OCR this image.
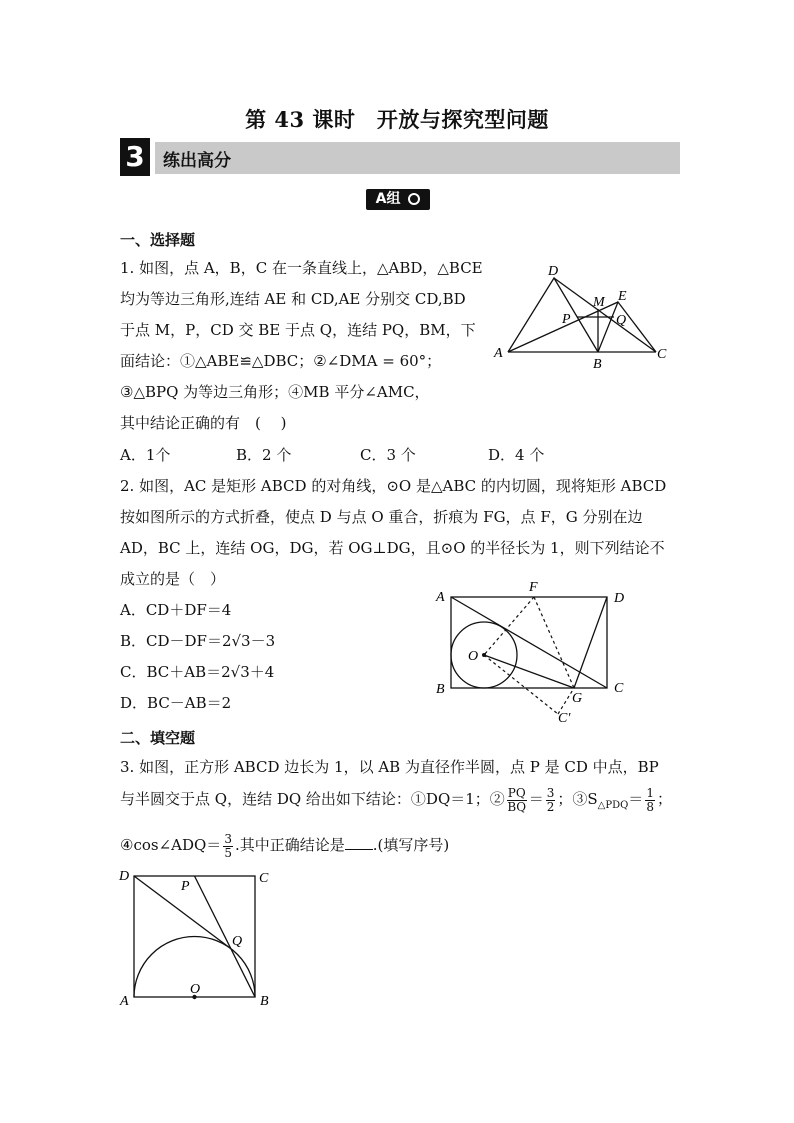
第 43 课时　开放与探究型问题
3	练出高分
A组
一、选择题
1. 如图，点 A，B，C 在一条直线上，△ABD，△BCE
均为等边三角形,连结 AE 和 CD,AE 分别交 CD,BD
于点 M，P，CD 交 BE 于点 Q，连结 PQ，BM，下
面结论：①△ABE≌△DBC；②∠DMA = 60°；
③△BPQ 为等边三角形；④MB 平分∠AMC，
其中结论正确的有　(　 )
A．1个	B．2 个	C．3 个	D．4 个
D
M E
P	Q
A
B
C
2. 如图，AC 是矩形 ABCD 的对角线，⊙O 是△ABC 的内切圆，现将矩形 ABCD
按如图所示的方式折叠，使点 D 与点 O 重合，折痕为 FG，点 F，G 分别在边
AD，BC 上，连结 OG，DG，若 OG⊥DG，且⊙O 的半径长为 1，则下列结论不
成立的是（　）
A．CD＋DF＝4
B．CD－DF＝2√3－3
C．BC＋AB＝2√3＋4
D．BC－AB＝2
F
A	D
O
B
G
C
C′
二、填空题
3. 如图，正方形 ABCD 边长为 1，以 AB 为直径作半圆，点 P 是 CD 中点，BP
与半圆交于点 Q，连结 DQ 给出如下结论：①DQ＝1；② $\frac{PQ}{BQ} = \frac{3}{2}$ ；$③S_{\triangle PDQ}= \frac{1}{8}$ ；
④cos∠ADQ＝ $\frac{3}{5}$ .其中正确结论是 .(填写序号)
D
P
C
Q
O
A	B
